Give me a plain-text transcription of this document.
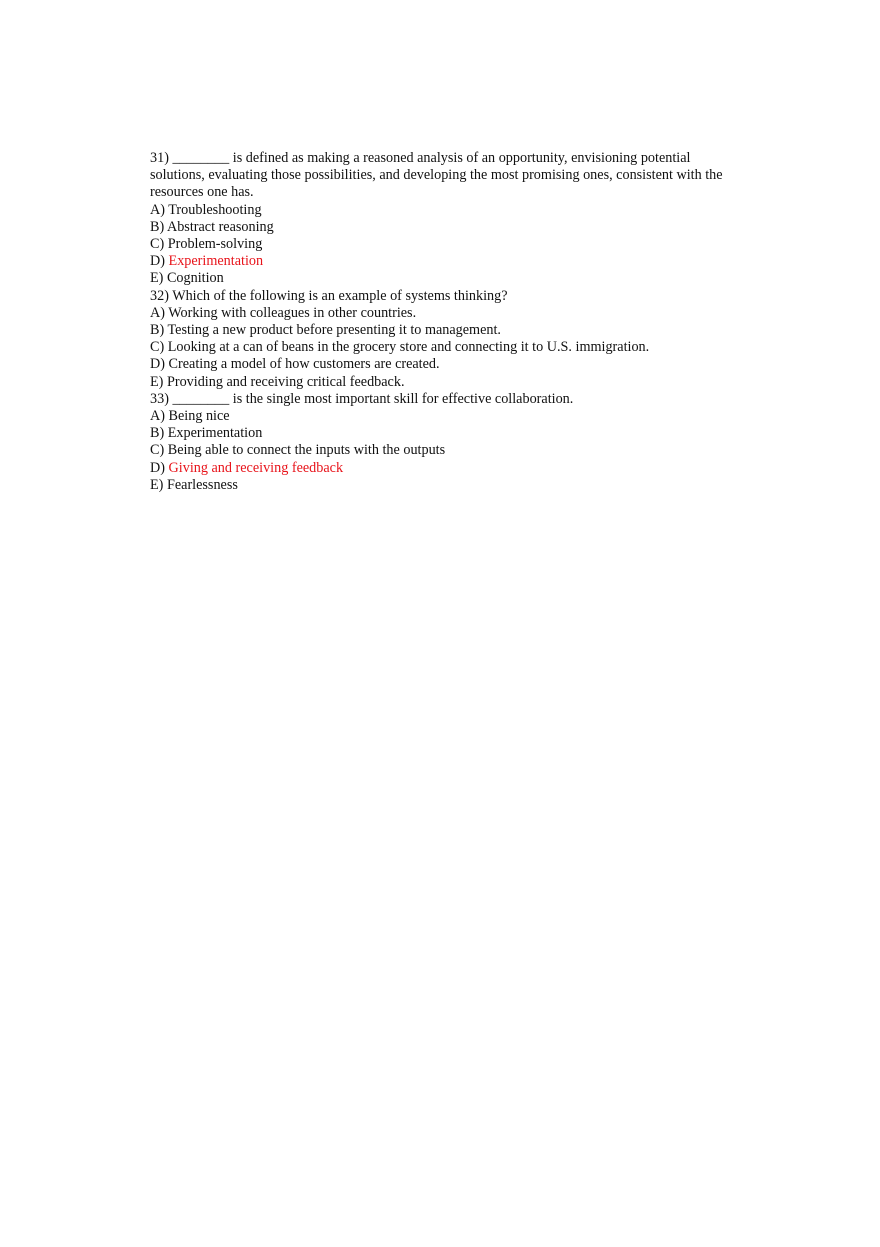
31) ________ is defined as making a reasoned analysis of an opportunity, envisioning potential solutions, evaluating those possibilities, and developing the most promising ones, consistent with the resources one has.

A) Troubleshooting

B) Abstract reasoning

C) Problem-solving

D) Experimentation

E) Cognition

32) Which of the following is an example of systems thinking?

A) Working with colleagues in other countries.

B) Testing a new product before presenting it to management.

C) Looking at a can of beans in the grocery store and connecting it to U.S. immigration.

D) Creating a model of how customers are created.

E) Providing and receiving critical feedback.

33) ________ is the single most important skill for effective collaboration.

A) Being nice

B) Experimentation

C) Being able to connect the inputs with the outputs

D) Giving and receiving feedback

E) Fearlessness
